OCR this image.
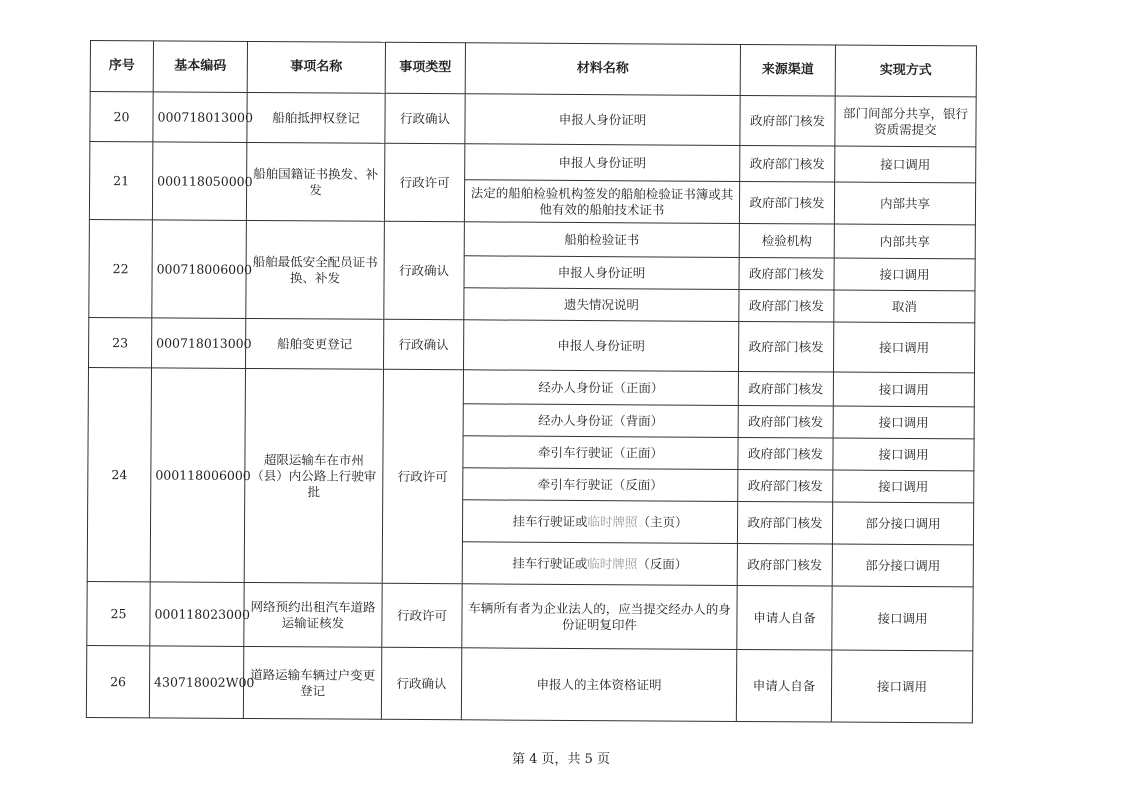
序号	基本编码	事项名称	事项类型	材料名称	来源渠道	实现方式
20	000718013000	船舶抵押权登记	行政确认	申报人身份证明	政府部门核发	部门间部分共享，银行资质需提交
21	000118050000	船舶国籍证书换发、补发	行政许可	申报人身份证明	政府部门核发	接口调用
				法定的船舶检验机构签发的船舶检验证书簿或其他有效的船舶技术证书	政府部门核发	内部共享
22	000718006000	船舶最低安全配员证书换、补发	行政确认	船舶检验证书	检验机构	内部共享
				申报人身份证明	政府部门核发	接口调用
				遗失情况说明	政府部门核发	取消
23	000718013000	船舶变更登记	行政确认	申报人身份证明	政府部门核发	接口调用
24	000118006000	超限运输车在市州（县）内公路上行驶审批	行政许可	经办人身份证（正面）	政府部门核发	接口调用
				经办人身份证（背面）	政府部门核发	接口调用
				牵引车行驶证（正面）	政府部门核发	接口调用
				牵引车行驶证（反面）	政府部门核发	接口调用
				挂车行驶证或临时牌照（主页）	政府部门核发	部分接口调用
				挂车行驶证或临时牌照（反面）	政府部门核发	部分接口调用
25	000118023000	网络预约出租汽车道路运输证核发	行政许可	车辆所有者为企业法人的，应当提交经办人的身份证明复印件	申请人自备	接口调用
26	430718002W00	道路运输车辆过户变更登记	行政确认	申报人的主体资格证明	申请人自备	接口调用
第 4 页，共 5 页
